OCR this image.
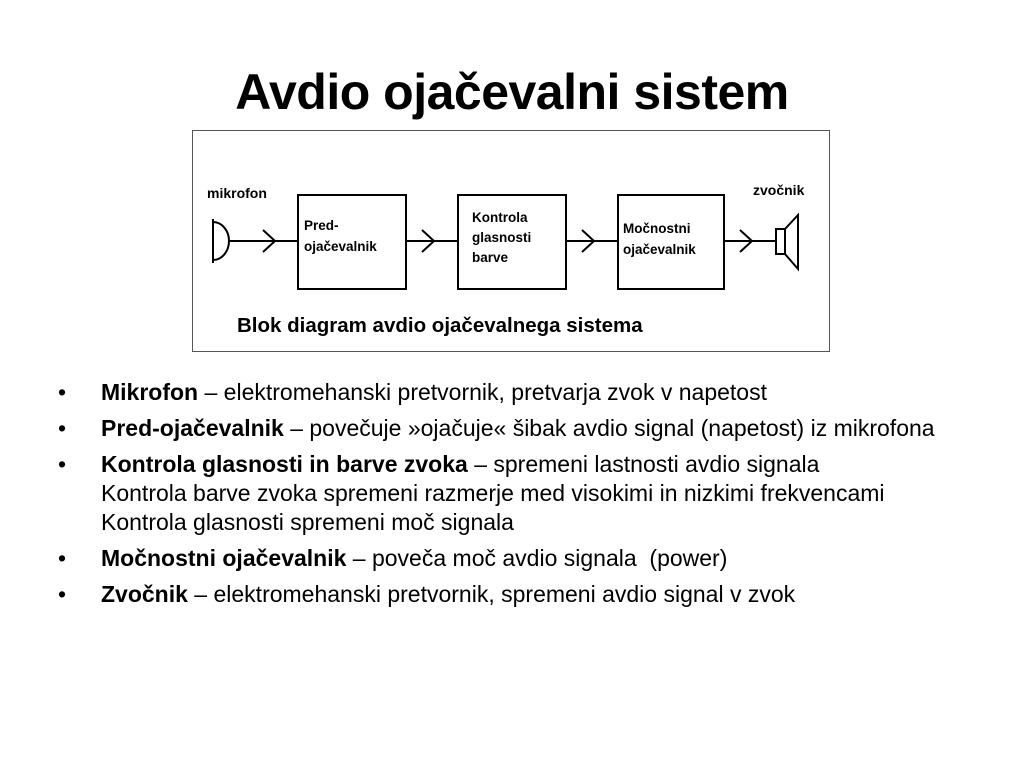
Avdio ojačevalni sistem
mikrofon	zvočnik
Pred-
ojačevalnik
Kontrola
glasnosti
barve
Močnostni
ojačevalnik
Blok diagram avdio ojačevalnega sistema
•	Mikrofon – elektromehanski pretvornik, pretvarja zvok v napetost
•	Pred-ojačevalnik – povečuje »ojačuje« šibak avdio signal (napetost) iz mikrofona
•	Kontrola glasnosti in barve zvoka – spremeni lastnosti avdio signala
Kontrola barve zvoka spremeni razmerje med visokimi in nizkimi frekvencami
Kontrola glasnosti spremeni moč signala
•	Močnostni ojačevalnik – poveča moč avdio signala  (power)
•	Zvočnik – elektromehanski pretvornik, spremeni avdio signal v zvok
